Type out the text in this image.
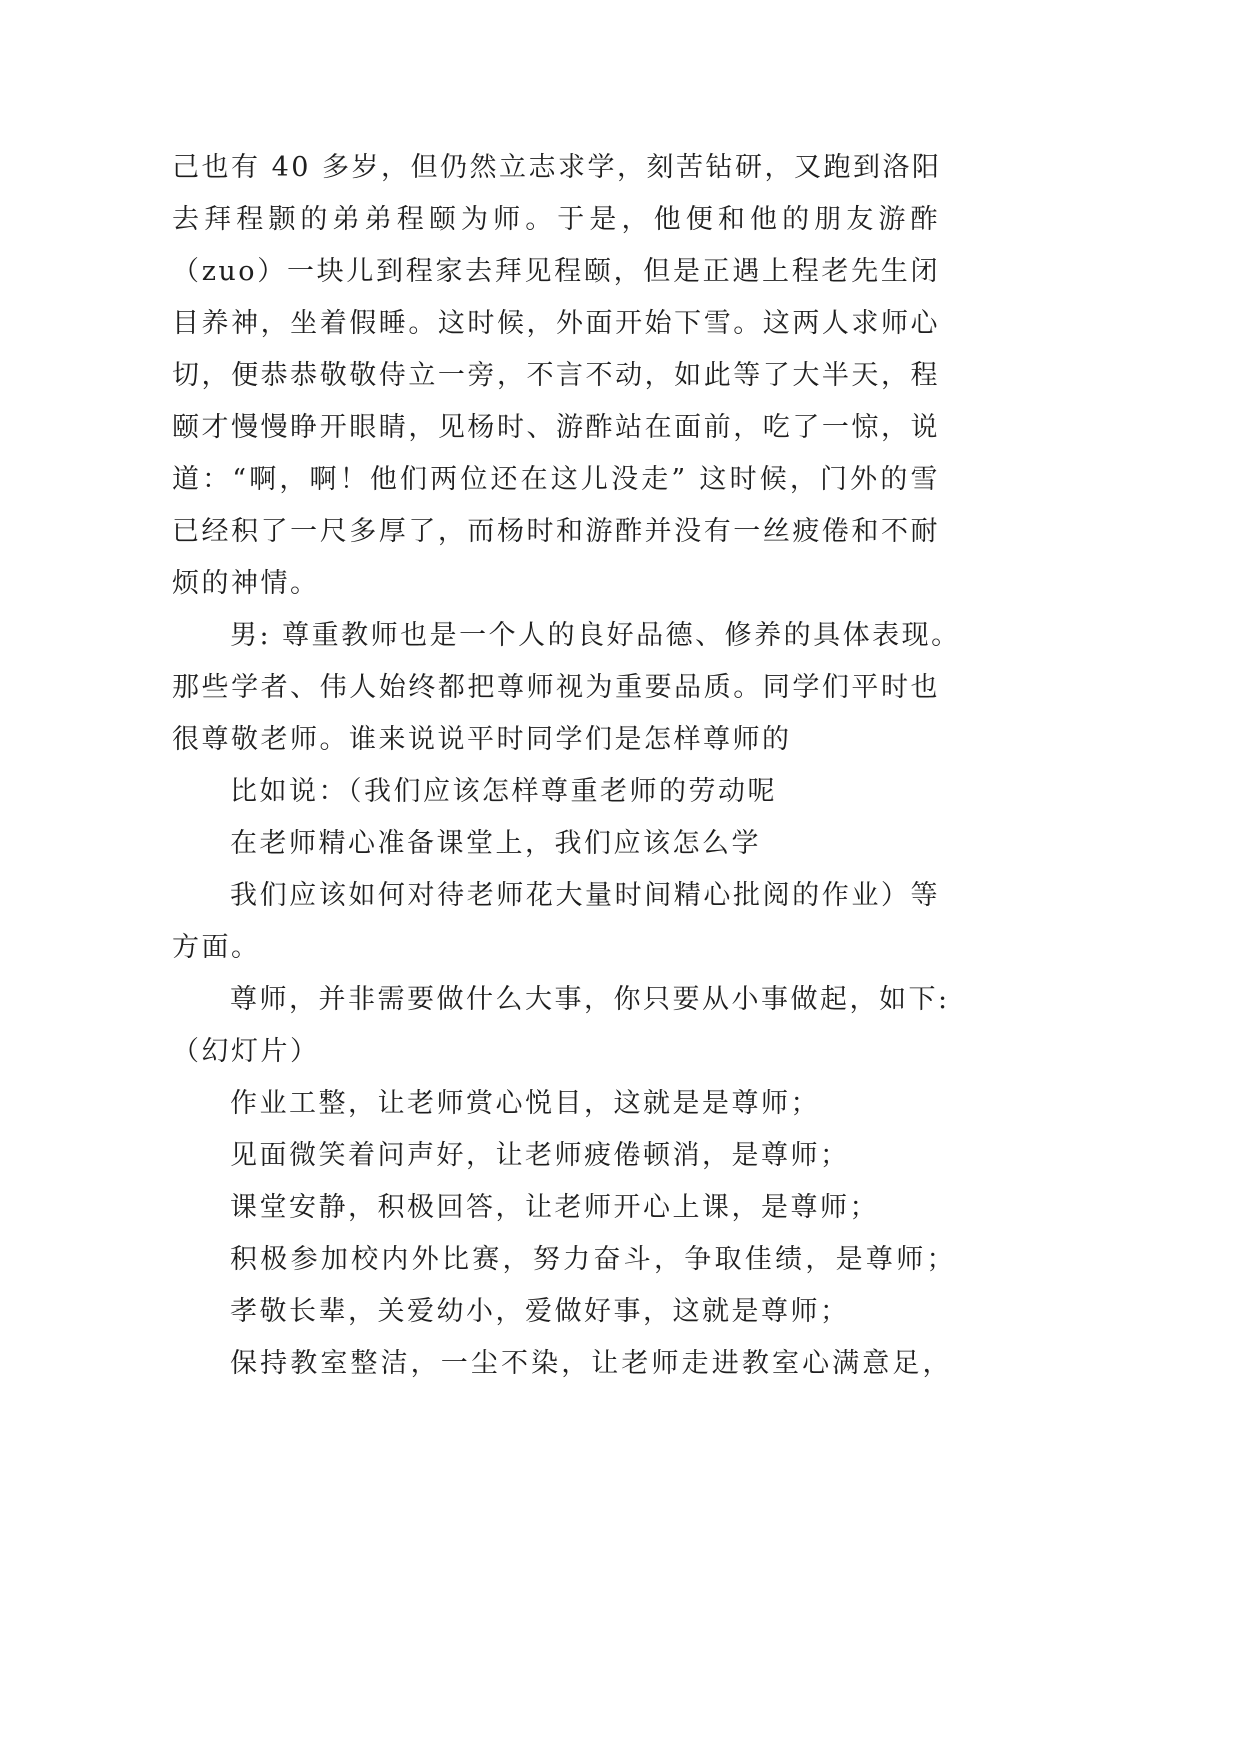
己也有 40 多岁，但仍然立志求学，刻苦钻研，又跑到洛阳
去拜程颢的弟弟程颐为师。于是，他便和他的朋友游酢
（zuo）一块儿到程家去拜见程颐，但是正遇上程老先生闭
目养神，坐着假睡。这时候，外面开始下雪。这两人求师心
切，便恭恭敬敬侍立一旁，不言不动，如此等了大半天，程
颐才慢慢睁开眼睛，见杨时、游酢站在面前，吃了一惊，说
道：“啊，啊！他们两位还在这儿没走” 这时候，门外的雪
已经积了一尺多厚了，而杨时和游酢并没有一丝疲倦和不耐
烦的神情。
男: 尊重教师也是一个人的良好品德、修养的具体表现。
那些学者、伟人始终都把尊师视为重要品质。同学们平时也
很尊敬老师。谁来说说平时同学们是怎样尊师的
比如说：（我们应该怎样尊重老师的劳动呢
在老师精心准备课堂上，我们应该怎么学
我们应该如何对待老师花大量时间精心批阅的作业）等
方面。
尊师，并非需要做什么大事，你只要从小事做起，如下:
（幻灯片）
作业工整，让老师赏心悦目，这就是是尊师；
见面微笑着问声好，让老师疲倦顿消，是尊师；
课堂安静，积极回答，让老师开心上课，是尊师；
积极参加校内外比赛，努力奋斗，争取佳绩，是尊师；
孝敬长辈，关爱幼小，爱做好事，这就是尊师；
保持教室整洁，一尘不染，让老师走进教室心满意足，
